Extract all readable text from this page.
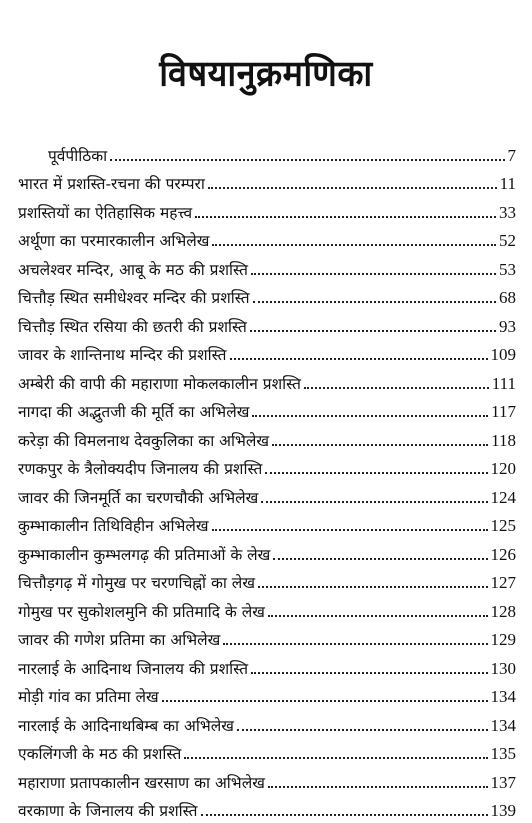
विषयानुक्रमणिका
पूर्वपीठिका	7
भारत में प्रशस्ति-रचना की परम्परा	11
प्रशस्तियों का ऐतिहासिक महत्त्व	33
अर्थूणा का परमारकालीन अभिलेख	52
अचलेश्वर मन्दिर, आबू के मठ की प्रशस्ति	53
चित्तौड़ स्थित समीधेश्वर मन्दिर की प्रशस्ति	68
चित्तौड़ स्थित रसिया की छतरी की प्रशस्ति	93
जावर के शान्तिनाथ मन्दिर की प्रशस्ति	109
अम्बेरी की वापी की महाराणा मोकलकालीन प्रशस्ति	111
नागदा की अद्भुतजी की मूर्ति का अभिलेख	117
करेड़ा की विमलनाथ देवकुलिका का अभिलेख	118
रणकपुर के त्रैलोक्यदीप जिनालय की प्रशस्ति	120
जावर की जिनमूर्ति का चरणचौकी अभिलेख	124
कुम्भाकालीन तिथिविहीन अभिलेख	125
कुम्भाकालीन कुम्भलगढ़ की प्रतिमाओं के लेख	126
चित्तौड़गढ़ में गोमुख पर चरणचिह्नों का लेख	127
गोमुख पर सुकोशलमुनि की प्रतिमादि के लेख	128
जावर की गणेश प्रतिमा का अभिलेख	129
नारलाई के आदिनाथ जिनालय की प्रशस्ति	130
मोड़ी गांव का प्रतिमा लेख	134
नारलाई के आदिनाथबिम्ब का अभिलेख	134
एकलिंगजी के मठ की प्रशस्ति	135
महाराणा प्रतापकालीन खरसाण का अभिलेख	137
वरकाणा के जिनालय की प्रशस्ति	139
